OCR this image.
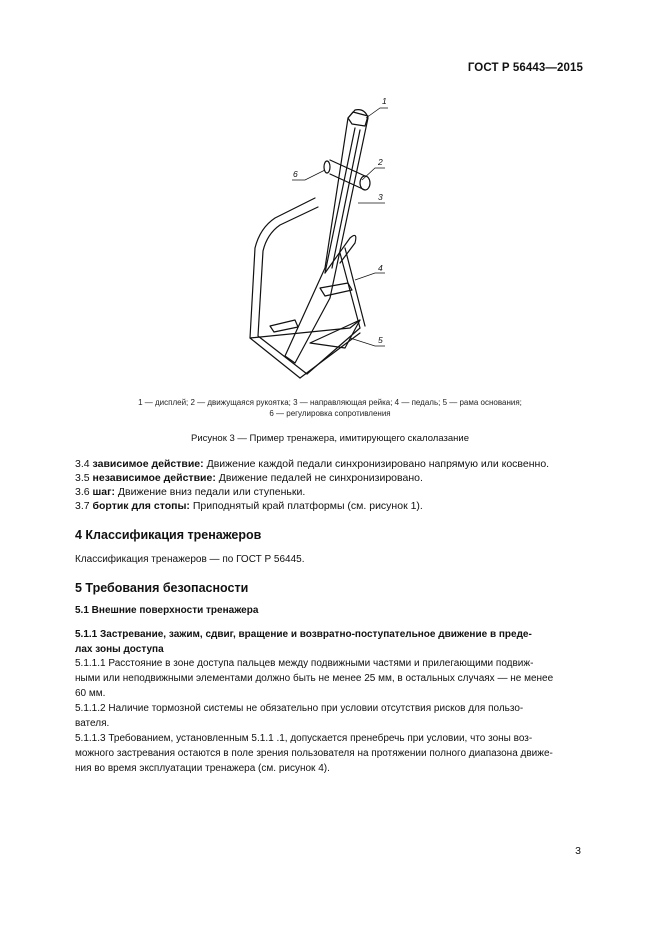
ГОСТ Р 56443—2015
1
2
3
4
5
6
1 — дисплей; 2 — движущаяся рукоятка; 3 — направляющая рейка; 4 — педаль; 5 — рама основания;
6 — регулировка сопротивления
Рисунок 3 — Пример тренажера, имитирующего скалолазание
3.4 зависимое действие: Движение каждой педали синхронизировано напрямую или косвенно.
3.5 независимое действие: Движение педалей не синхронизировано.
3.6 шаг: Движение вниз педали или ступеньки.
3.7 бортик для стопы: Приподнятый край платформы (см. рисунок 1).
4 Классификация тренажеров
Классификация тренажеров — по ГОСТ Р 56445.
5 Требования безопасности
5.1 Внешние поверхности тренажера
5.1.1 Застревание, зажим, сдвиг, вращение и возвратно-поступательное движение в преде-
лах зоны доступа
5.1.1.1 Расстояние в зоне доступа пальцев между подвижными частями и прилегающими подвиж-
ными или неподвижными элементами должно быть не менее 25 мм, в остальных случаях — не менее
60 мм.
5.1.1.2 Наличие тормозной системы не обязательно при условии отсутствия рисков для пользо-
вателя.
5.1.1.3 Требованием, установленным 5.1.1 .1, допускается пренебречь при условии, что зоны воз-
можного застревания остаются в поле зрения пользователя на протяжении полного диапазона движе-
ния во время эксплуатации тренажера (см. рисунок 4).
3
